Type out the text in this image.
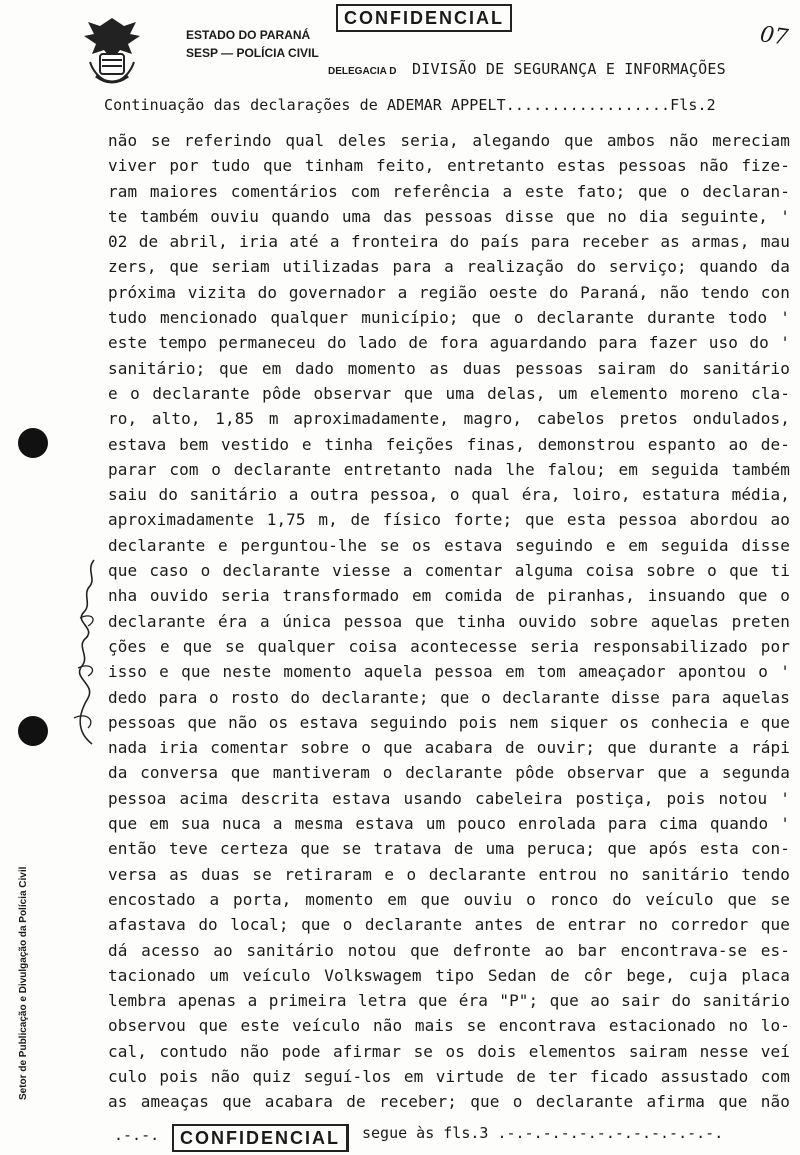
ESTADO DO PARANÁ
SESP — POLÍCIA CIVIL
CONFIDENCIAL
DELEGACIA D DIVISÃO DE SEGURANÇA E INFORMAÇÕES
07
Continuação das declarações de ADEMAR APPELT..................Fls.2
não se referindo qual deles seria, alegando que ambos não mereciam
viver por tudo que tinham feito, entretanto estas pessoas não fize-
ram maiores comentários com referência a este fato; que o declaran-
te também ouviu quando uma das pessoas disse que no dia seguinte, '
02 de abril, iria até a fronteira do país para receber as armas, mau
zers, que seriam utilizadas para a realização do serviço; quando da
próxima vizita do governador a região oeste do Paraná, não tendo con
tudo mencionado qualquer município; que o declarante durante todo '
este tempo permaneceu do lado de fora aguardando para fazer uso do '
sanitário; que em dado momento as duas pessoas sairam do sanitário
e o declarante pôde observar que uma delas, um elemento moreno cla-
ro, alto, 1,85 m aproximadamente, magro, cabelos pretos ondulados,
estava bem vestido e tinha feições finas, demonstrou espanto ao de-
parar com o declarante entretanto nada lhe falou; em seguida também
saiu do sanitário a outra pessoa, o qual éra, loiro, estatura média,
aproximadamente 1,75 m, de físico forte; que esta pessoa abordou ao
declarante e perguntou-lhe se os estava seguindo e em seguida disse
que caso o declarante viesse a comentar alguma coisa sobre o que ti
nha ouvido seria transformado em comida de piranhas, insuando que o
declarante éra a única pessoa que tinha ouvido sobre aquelas preten
ções e que se qualquer coisa acontecesse seria responsabilizado por
isso e que neste momento aquela pessoa em tom ameaçador apontou o '
dedo para o rosto do declarante; que o declarante disse para aquelas
pessoas que não os estava seguindo pois nem siquer os conhecia e que
nada iria comentar sobre o que acabara de ouvir; que durante a rápi
da conversa que mantiveram o declarante pôde observar que a segunda
pessoa acima descrita estava usando cabeleira postiça, pois notou '
que em sua nuca a mesma estava um pouco enrolada para cima quando '
então teve certeza que se tratava de uma peruca; que após esta con-
versa as duas se retiraram e o declarante entrou no sanitário tendo
encostado a porta, momento em que ouviu o ronco do veículo que se
afastava do local; que o declarante antes de entrar no corredor que
dá acesso ao sanitário notou que defronte ao bar encontrava-se es-
tacionado um veículo Volkswagem tipo Sedan de côr bege, cuja placa
lembra apenas a primeira letra que éra "P"; que ao sair do sanitário
observou que este veículo não mais se encontrava estacionado no lo-
cal, contudo não pode afirmar se os dois elementos sairam nesse veí
culo pois não quiz seguí-los em virtude de ter ficado assustado com
as ameaças que acabara de receber; que o declarante afirma que não
.-.-.	CONFIDENCIAL	segue às fls.3 .-.-.-.-.-.-.-.-.-.-.-.-.
Setor de Publicação e Divulgação da Polícia Civil
